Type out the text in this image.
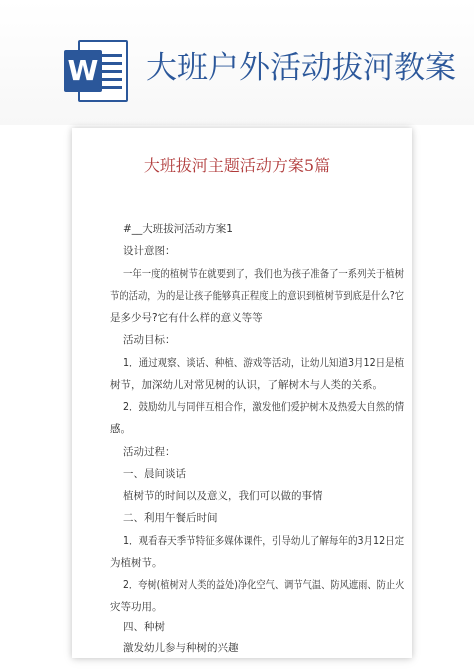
W 大班户外活动拔河教案
大班拔河主题活动方案5篇
#__大班拔河活动方案1
设计意图：
一年一度的植树节在就要到了，我们也为孩子准备了一系列关于植树
节的活动，为的是让孩子能够真正程度上的意识到植树节到底是什么?它
是多少号?它有什么样的意义等等
活动目标：
1．通过观察、谈话、种植、游戏等活动，让幼儿知道3月12日是植
树节，加深幼儿对常见树的认识，了解树木与人类的关系。
2．鼓励幼儿与同伴互相合作，激发他们爱护树木及热爱大自然的情
感。
活动过程：
一、晨间谈话
植树节的时间以及意义，我们可以做的事情
二、利用午餐后时间
1．观看春天季节特征多媒体课件，引导幼儿了解每年的3月12日定
为植树节。
2．夸树(植树对人类的益处)净化空气、调节气温、防风遮雨、防止火
灾等功用。
四、种树
激发幼儿参与种树的兴趣
